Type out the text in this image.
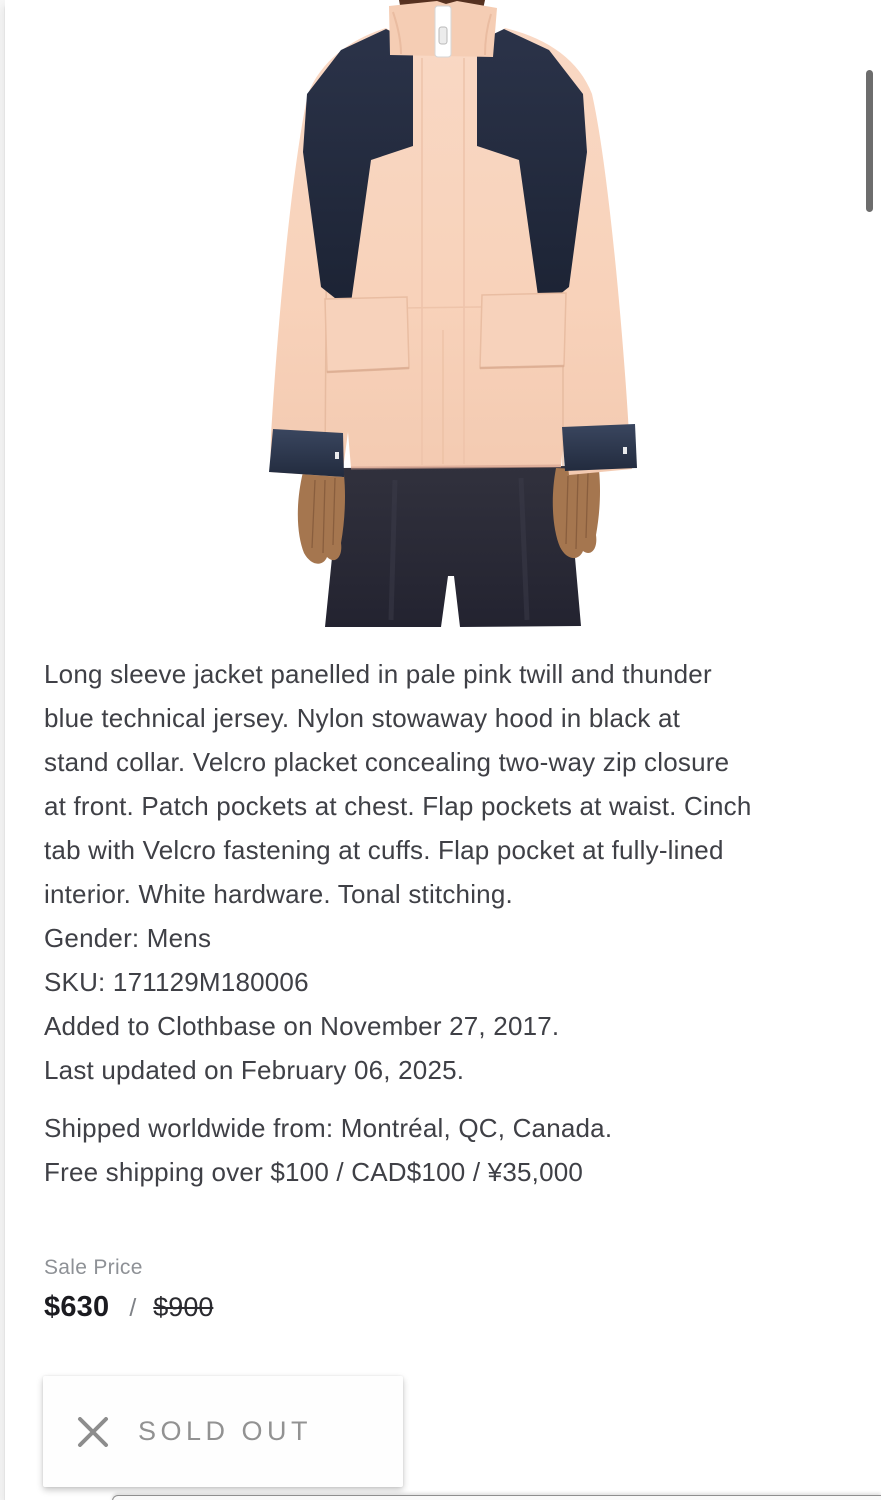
Long sleeve jacket panelled in pale pink twill and thunder
blue technical jersey. Nylon stowaway hood in black at
stand collar. Velcro placket concealing two-way zip closure
at front. Patch pockets at chest. Flap pockets at waist. Cinch
tab with Velcro fastening at cuffs. Flap pocket at fully-lined
interior. White hardware. Tonal stitching.
Gender: Mens
SKU: 171129M180006
Added to Clothbase on November 27, 2017.
Last updated on February 06, 2025.
Shipped worldwide from: Montréal, QC, Canada.
Free shipping over $100 / CAD$100 / ¥35,000
Sale Price
$630 / $900
SOLD OUT
